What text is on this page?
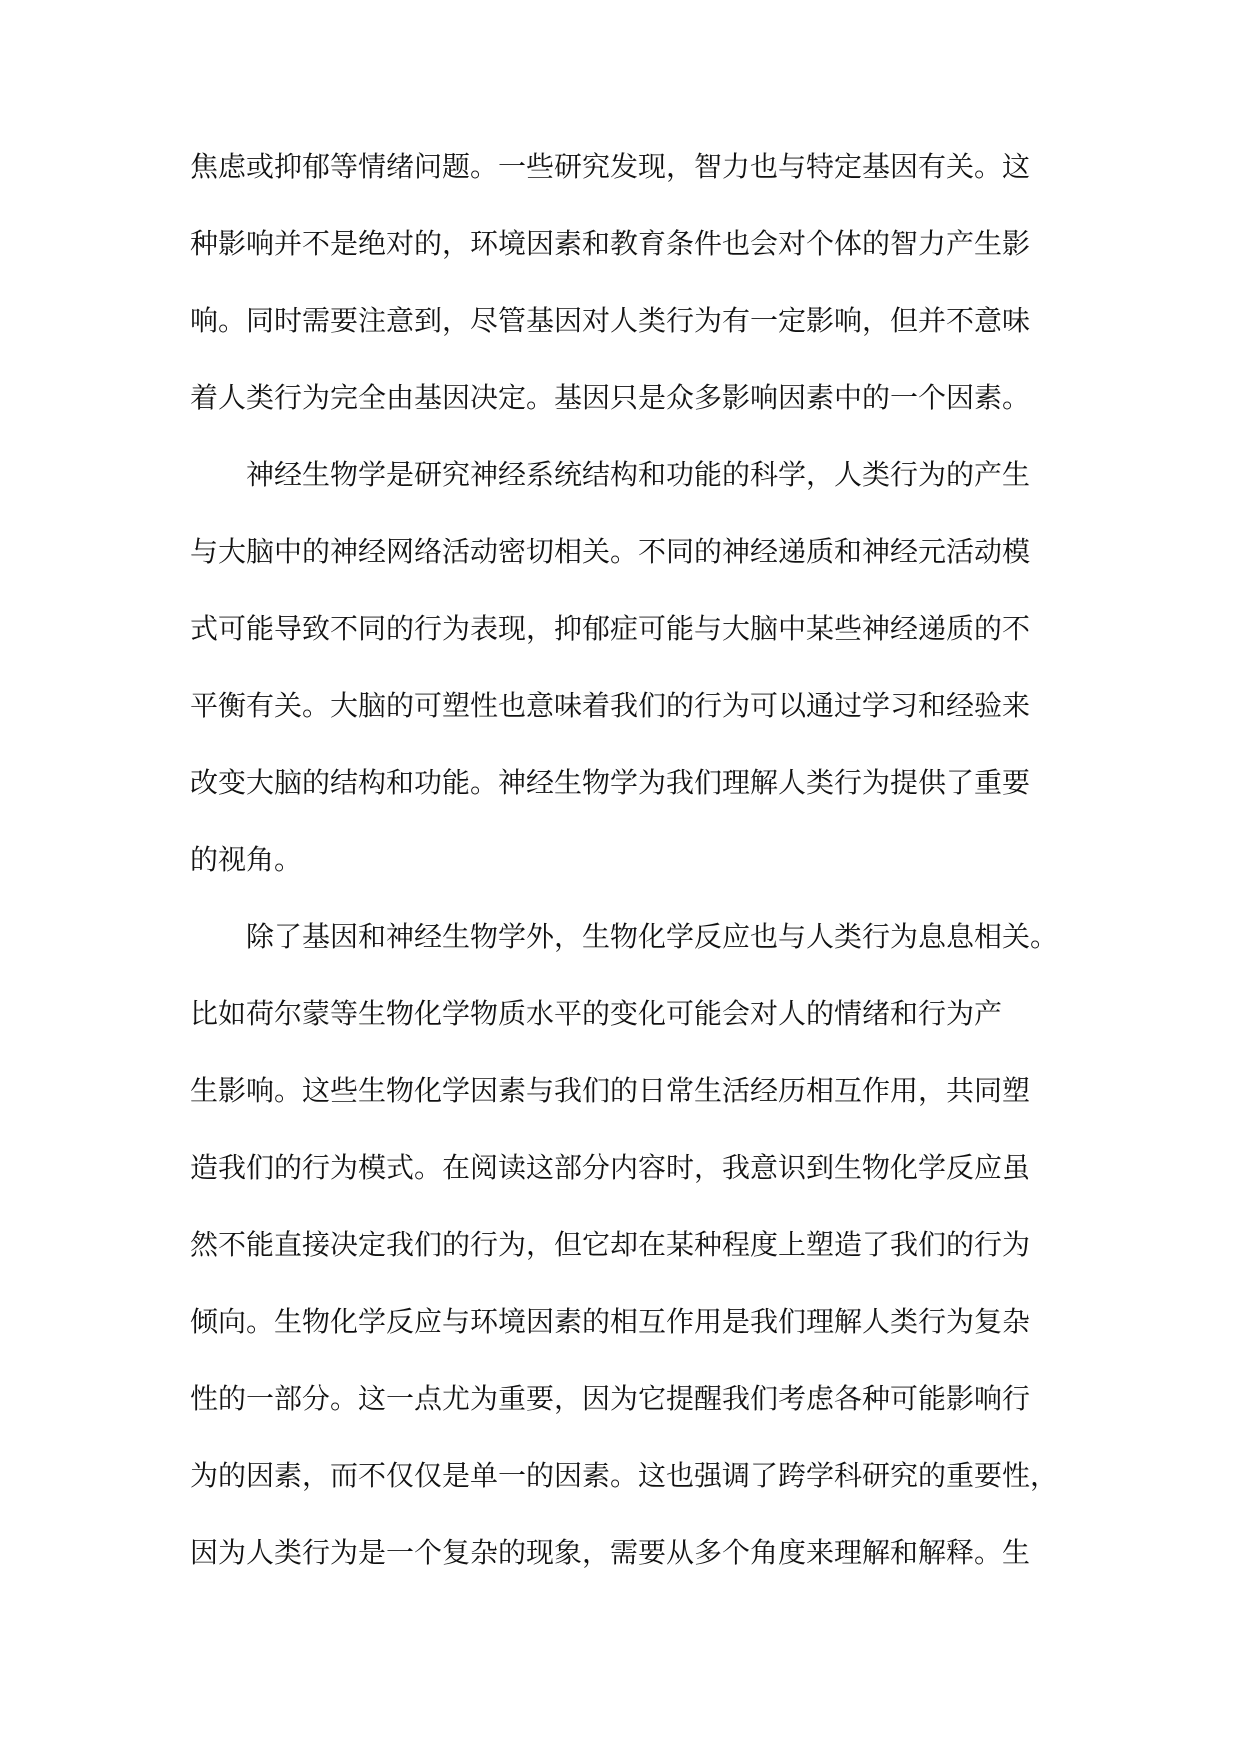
焦虑或抑郁等情绪问题。一些研究发现，智力也与特定基因有关。这
种影响并不是绝对的，环境因素和教育条件也会对个体的智力产生影
响。同时需要注意到，尽管基因对人类行为有一定影响，但并不意味
着人类行为完全由基因决定。基因只是众多影响因素中的一个因素。
神经生物学是研究神经系统结构和功能的科学，人类行为的产生
与大脑中的神经网络活动密切相关。不同的神经递质和神经元活动模
式可能导致不同的行为表现，抑郁症可能与大脑中某些神经递质的不
平衡有关。大脑的可塑性也意味着我们的行为可以通过学习和经验来
改变大脑的结构和功能。神经生物学为我们理解人类行为提供了重要
的视角。
除了基因和神经生物学外，生物化学反应也与人类行为息息相关。
比如荷尔蒙等生物化学物质水平的变化可能会对人的情绪和行为产
生影响。这些生物化学因素与我们的日常生活经历相互作用，共同塑
造我们的行为模式。在阅读这部分内容时，我意识到生物化学反应虽
然不能直接决定我们的行为，但它却在某种程度上塑造了我们的行为
倾向。生物化学反应与环境因素的相互作用是我们理解人类行为复杂
性的一部分。这一点尤为重要，因为它提醒我们考虑各种可能影响行
为的因素，而不仅仅是单一的因素。这也强调了跨学科研究的重要性，
因为人类行为是一个复杂的现象，需要从多个角度来理解和解释。生
